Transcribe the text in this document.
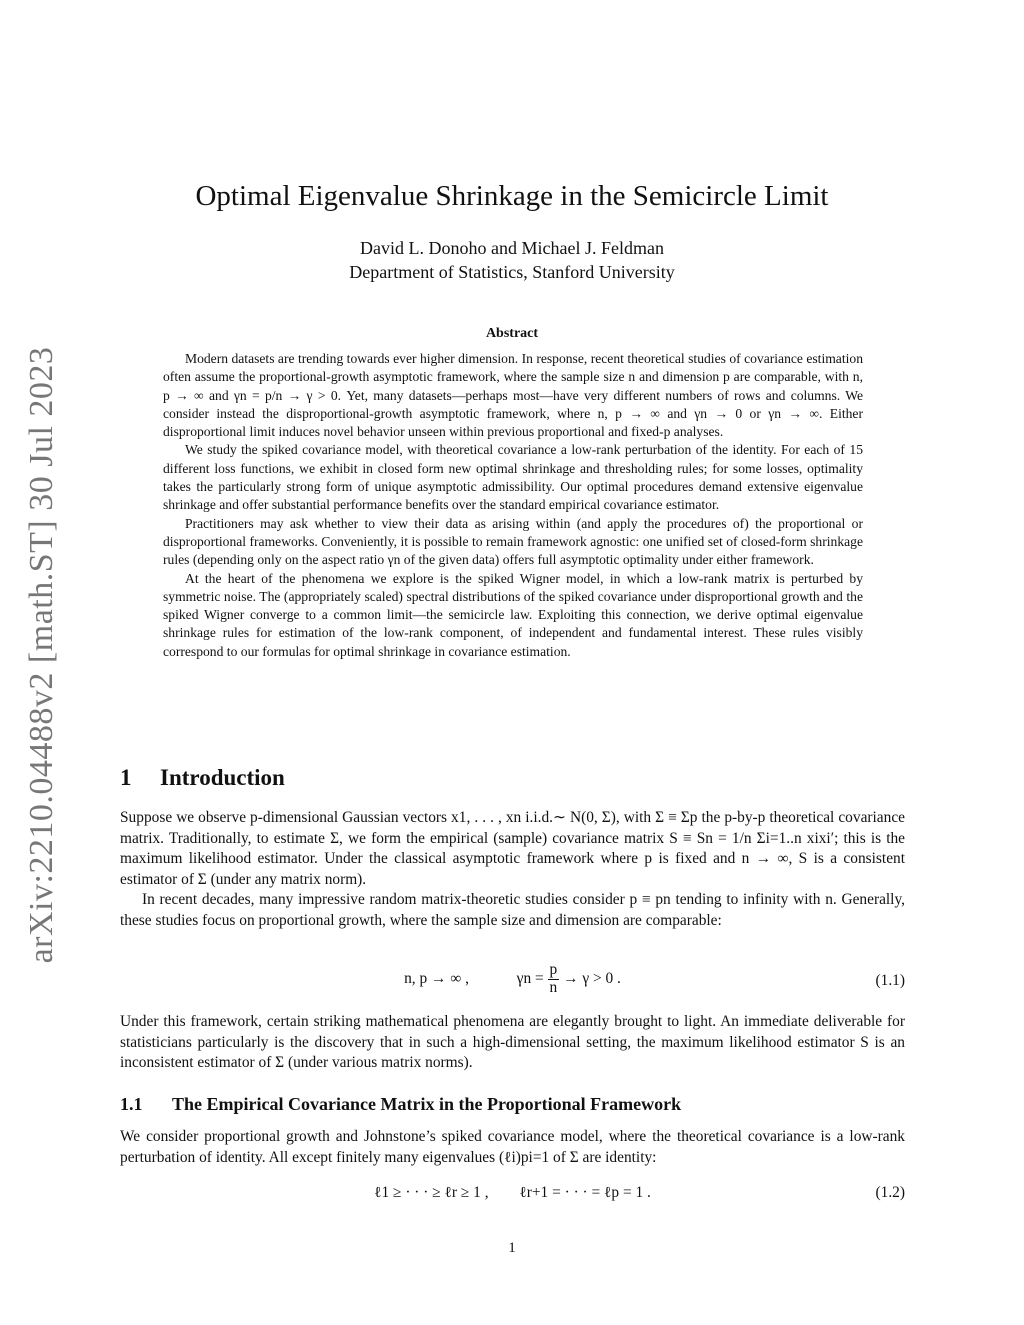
arXiv:2210.04488v2 [math.ST] 30 Jul 2023
Optimal Eigenvalue Shrinkage in the Semicircle Limit
David L. Donoho and Michael J. Feldman
Department of Statistics, Stanford University
Abstract

Modern datasets are trending towards ever higher dimension. In response, recent theoretical studies of covariance estimation often assume the proportional-growth asymptotic framework, where the sample size n and dimension p are comparable, with n, p → ∞ and γn = p/n → γ > 0. Yet, many datasets—perhaps most—have very different numbers of rows and columns. We consider instead the disproportional-growth asymptotic framework, where n, p → ∞ and γn → 0 or γn → ∞. Either disproportional limit induces novel behavior unseen within previous proportional and fixed-p analyses.

We study the spiked covariance model, with theoretical covariance a low-rank perturbation of the identity. For each of 15 different loss functions, we exhibit in closed form new optimal shrinkage and thresholding rules; for some losses, optimality takes the particularly strong form of unique asymptotic admissibility. Our optimal procedures demand extensive eigenvalue shrinkage and offer substantial performance benefits over the standard empirical covariance estimator.

Practitioners may ask whether to view their data as arising within (and apply the procedures of) the proportional or disproportional frameworks. Conveniently, it is possible to remain framework agnostic: one unified set of closed-form shrinkage rules (depending only on the aspect ratio γn of the given data) offers full asymptotic optimality under either framework.

At the heart of the phenomena we explore is the spiked Wigner model, in which a low-rank matrix is perturbed by symmetric noise. The (appropriately scaled) spectral distributions of the spiked covariance under disproportional growth and the spiked Wigner converge to a common limit—the semicircle law. Exploiting this connection, we derive optimal eigenvalue shrinkage rules for estimation of the low-rank component, of independent and fundamental interest. These rules visibly correspond to our formulas for optimal shrinkage in covariance estimation.

1 Introduction

Suppose we observe p-dimensional Gaussian vectors x1, . . . , xn i.i.d.∼ N(0, Σ), with Σ ≡ Σp the p-by-p theoretical covariance matrix. Traditionally, to estimate Σ, we form the empirical (sample) covariance matrix S ≡ Sn = 1/n Σi=1..n xixi′; this is the maximum likelihood estimator. Under the classical asymptotic framework where p is fixed and n → ∞, S is a consistent estimator of Σ (under any matrix norm).

In recent decades, many impressive random matrix-theoretic studies consider p ≡ pn tending to infinity with n. Generally, these studies focus on proportional growth, where the sample size and dimension are comparable:

n, p → ∞ ,	$\gamma n = \frac{p}{n} \to \gamma > 0$ .	(1.1)

Under this framework, certain striking mathematical phenomena are elegantly brought to light. An immediate deliverable for statisticians particularly is the discovery that in such a high-dimensional setting, the maximum likelihood estimator S is an inconsistent estimator of Σ (under various matrix norms).

1.1 The Empirical Covariance Matrix in the Proportional Framework

We consider proportional growth and Johnstone’s spiked covariance model, where the theoretical covariance is a low-rank perturbation of identity. All except finitely many eigenvalues (ℓi)pi=1 of Σ are identity:

ℓ1 ≥ · · · ≥ ℓr ≥ 1 ,        ℓr+1 = · · · = ℓp = 1 .	(1.2)
1
